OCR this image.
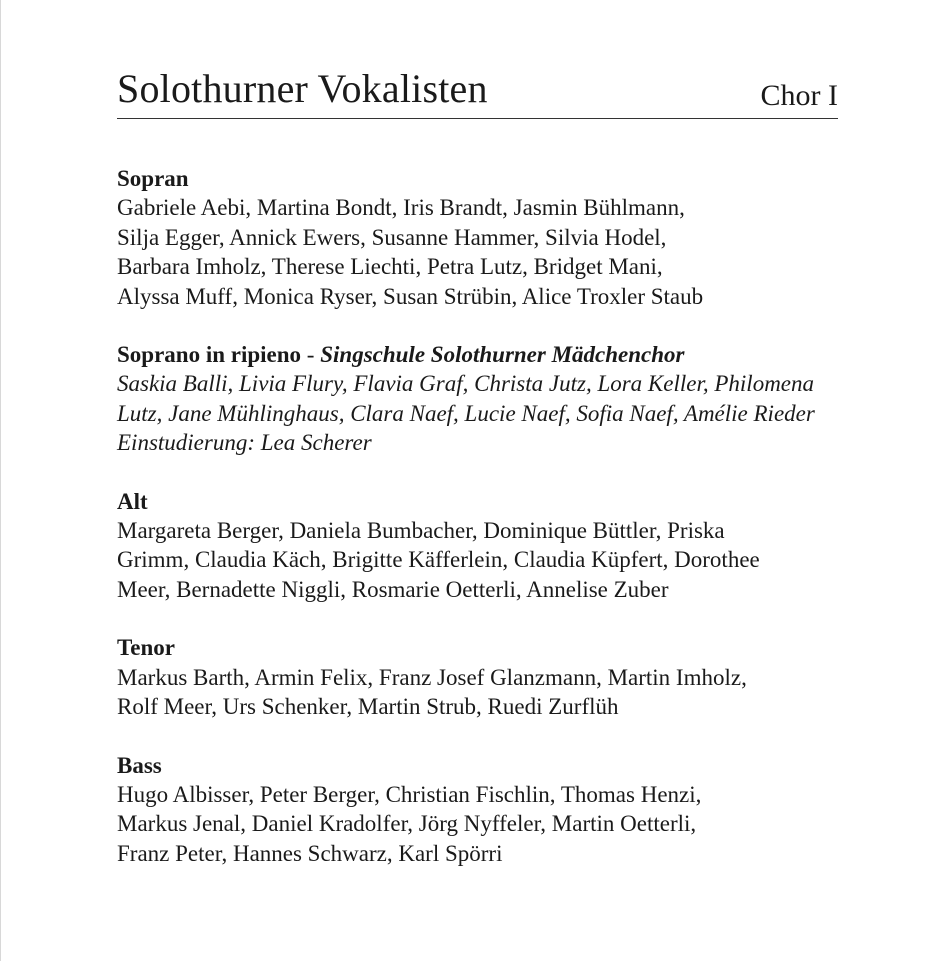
Solothurner Vokalisten	Chor I
Sopran
Gabriele Aebi, Martina Bondt, Iris Brandt, Jasmin Bühlmann,
Silja Egger, Annick Ewers, Susanne Hammer, Silvia Hodel,
Barbara Imholz, Therese Liechti, Petra Lutz, Bridget Mani,
Alyssa Muff, Monica Ryser, Susan Strübin, Alice Troxler Staub
Soprano in ripieno - Singschule Solothurner Mädchenchor
Saskia Balli, Livia Flury, Flavia Graf, Christa Jutz, Lora Keller, Philomena
Lutz, Jane Mühlinghaus, Clara Naef, Lucie Naef, Sofia Naef, Amélie Rieder
Einstudierung: Lea Scherer
Alt
Margareta Berger, Daniela Bumbacher, Dominique Büttler, Priska
Grimm, Claudia Käch, Brigitte Käfferlein, Claudia Küpfert, Dorothee
Meer, Bernadette Niggli, Rosmarie Oetterli, Annelise Zuber
Tenor
Markus Barth, Armin Felix, Franz Josef Glanzmann, Martin Imholz,
Rolf Meer, Urs Schenker, Martin Strub, Ruedi Zurflüh
Bass
Hugo Albisser, Peter Berger, Christian Fischlin, Thomas Henzi,
Markus Jenal, Daniel Kradolfer, Jörg Nyffeler, Martin Oetterli,
Franz Peter, Hannes Schwarz, Karl Spörri
